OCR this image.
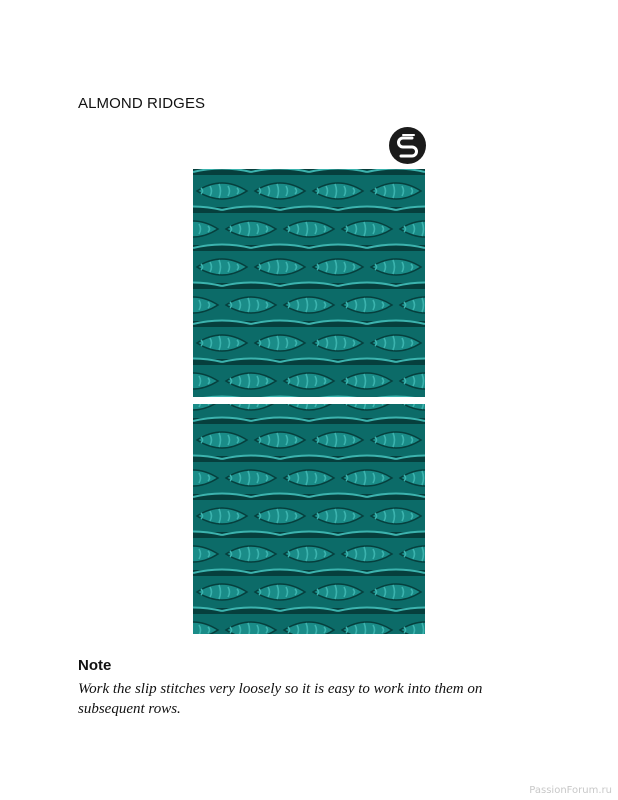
ALMOND RIDGES
Note
Work the slip stitches very loosely so it is easy to work into them on subsequent rows.
PassionForum.ru
